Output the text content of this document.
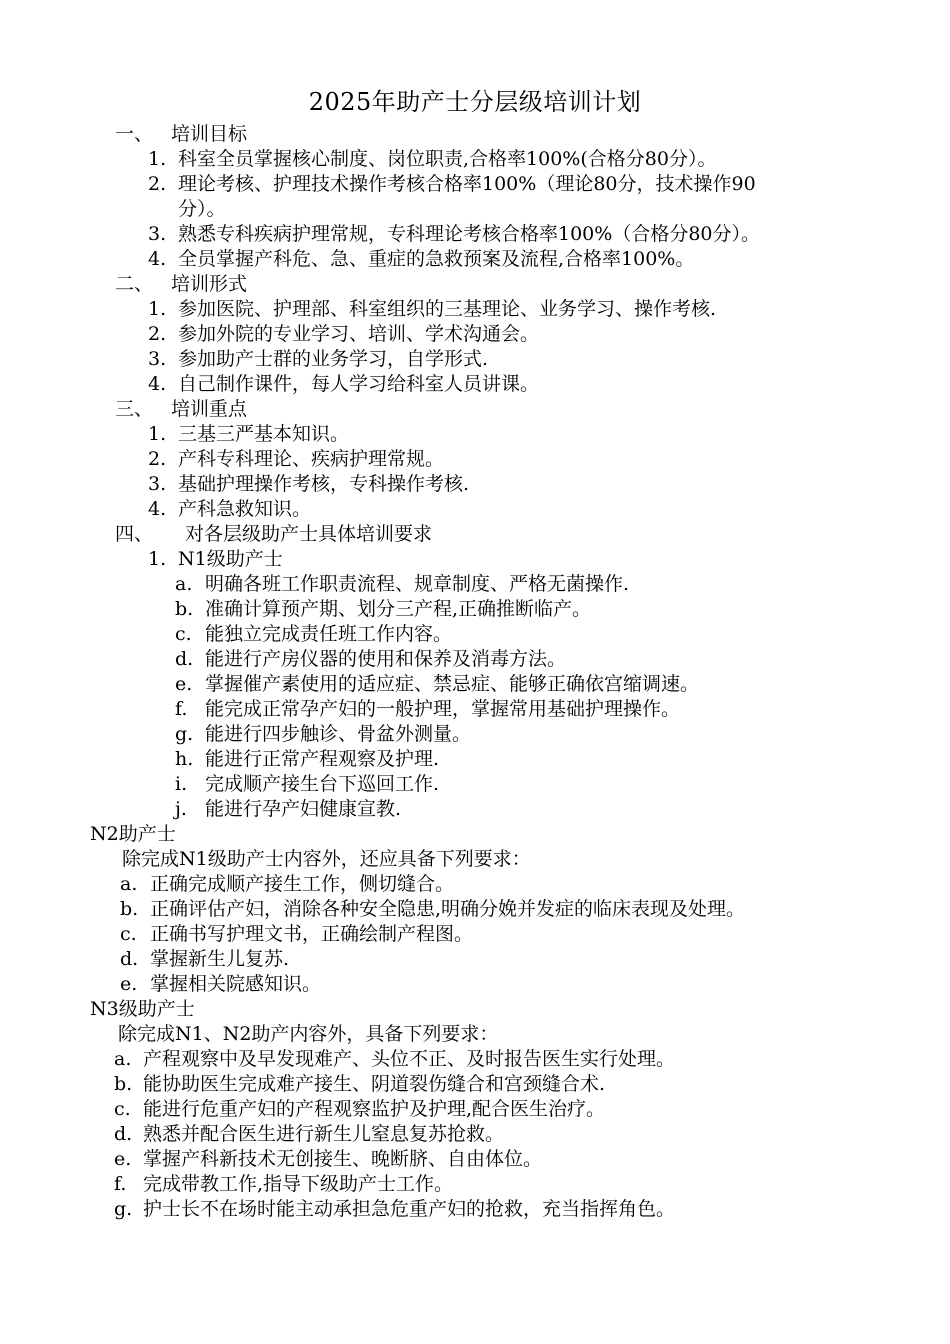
2025年助产士分层级培训计划
一、 培训目标
1. 科室全员掌握核心制度、岗位职责,合格率100%(合格分80分）。
2. 理论考核、护理技术操作考核合格率100%（理论80分，技术操作90
分）。
3. 熟悉专科疾病护理常规，专科理论考核合格率100%（合格分80分）。
4. 全员掌握产科危、急、重症的急救预案及流程,合格率100%。
二、 培训形式
1. 参加医院、护理部、科室组织的三基理论、业务学习、操作考核.
2. 参加外院的专业学习、培训、学术沟通会。
3. 参加助产士群的业务学习，自学形式.
4. 自己制作课件，每人学习给科室人员讲课。
三、 培训重点
1. 三基三严基本知识。
2. 产科专科理论、疾病护理常规。
3. 基础护理操作考核，专科操作考核.
4. 产科急救知识。
四、 对各层级助产士具体培训要求
1. N1级助产士
a. 明确各班工作职责流程、规章制度、严格无菌操作.
b. 准确计算预产期、划分三产程,正确推断临产。
c. 能独立完成责任班工作内容。
d. 能进行产房仪器的使用和保养及消毒方法。
e. 掌握催产素使用的适应症、禁忌症、能够正确依宫缩调速。
f. 能完成正常孕产妇的一般护理，掌握常用基础护理操作。
g. 能进行四步触诊、骨盆外测量。
h. 能进行正常产程观察及护理.
i. 完成顺产接生台下巡回工作.
j. 能进行孕产妇健康宣教.
N2助产士
除完成N1级助产士内容外，还应具备下列要求：
a. 正确完成顺产接生工作，侧切缝合。
b. 正确评估产妇，消除各种安全隐患,明确分娩并发症的临床表现及处理。
c. 正确书写护理文书，正确绘制产程图。
d. 掌握新生儿复苏.
e. 掌握相关院感知识。
N3级助产士
除完成N1、N2助产内容外，具备下列要求：
a. 产程观察中及早发现难产、头位不正、及时报告医生实行处理。
b. 能协助医生完成难产接生、阴道裂伤缝合和宫颈缝合术.
c. 能进行危重产妇的产程观察监护及护理,配合医生治疗。
d. 熟悉并配合医生进行新生儿窒息复苏抢救。
e. 掌握产科新技术无创接生、晚断脐、自由体位。
f. 完成带教工作,指导下级助产士工作。
g. 护士长不在场时能主动承担急危重产妇的抢救，充当指挥角色。
